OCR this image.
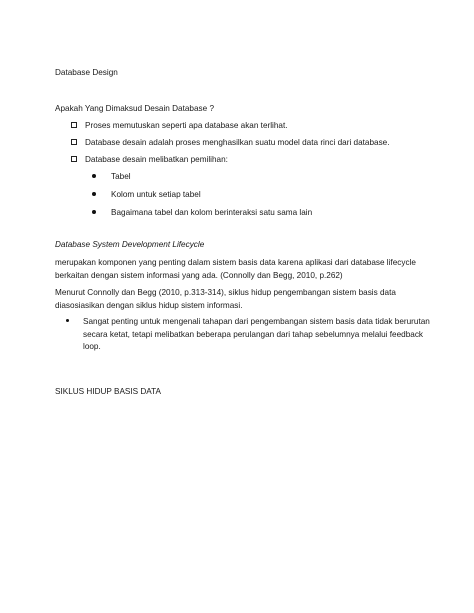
Database Design
Apakah Yang Dimaksud Desain Database ?
Proses memutuskan seperti apa database akan terlihat.
Database desain adalah proses menghasilkan suatu model data rinci dari database.
Database desain melibatkan pemilihan:
Tabel
Kolom untuk setiap tabel
Bagaimana tabel dan kolom berinteraksi satu sama lain
Database System Development Lifecycle
merupakan komponen yang penting dalam sistem basis data karena aplikasi dari database lifecycle
berkaitan dengan sistem informasi yang ada. (Connolly dan Begg, 2010, p.262)
Menurut Connolly dan Begg (2010, p.313-314), siklus hidup pengembangan sistem basis data
diasosiasikan dengan siklus hidup sistem informasi.
Sangat penting untuk mengenali tahapan dari pengembangan sistem basis data tidak berurutan
secara ketat, tetapi melibatkan beberapa perulangan dari tahap sebelumnya melalui feedback
loop.
SIKLUS HIDUP BASIS DATA
